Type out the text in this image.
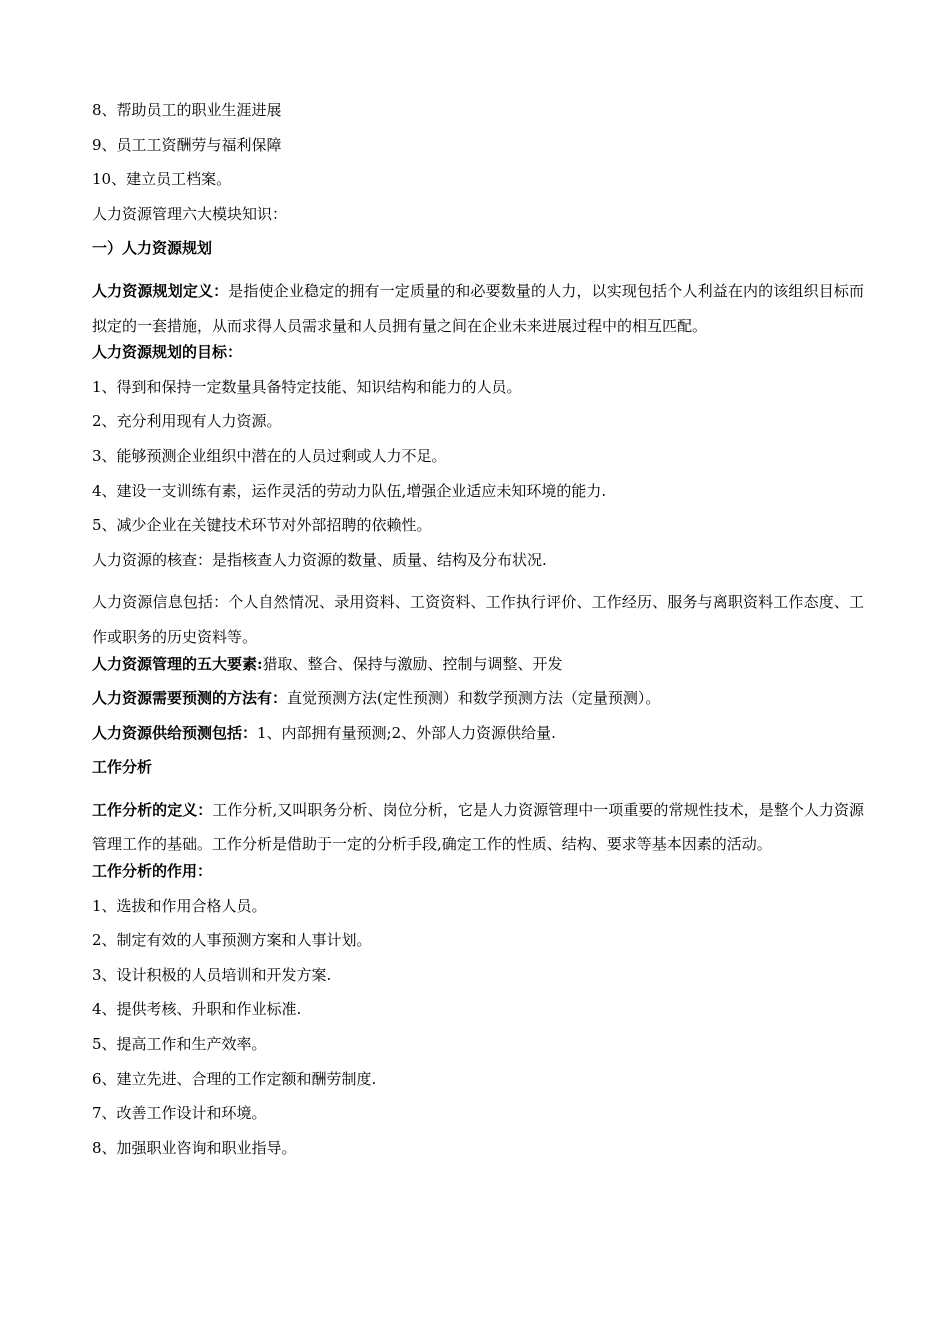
8、帮助员工的职业生涯进展
9、员工工资酬劳与福利保障
10、建立员工档案。
人力资源管理六大模块知识：
一）人力资源规划

人力资源规划定义：是指使企业稳定的拥有一定质量的和必要数量的人力，以实现包括个人利益在内的该组织目标而拟定的一套措施，从而求得人员需求量和人员拥有量之间在企业未来进展过程中的相互匹配。

人力资源规划的目标：
1、得到和保持一定数量具备特定技能、知识结构和能力的人员。
2、充分利用现有人力资源。
3、能够预测企业组织中潜在的人员过剩或人力不足。
4、建设一支训练有素，运作灵活的劳动力队伍,增强企业适应未知环境的能力.
5、减少企业在关键技术环节对外部招聘的依赖性。
人力资源的核查：是指核查人力资源的数量、质量、结构及分布状况.

人力资源信息包括：个人自然情况、录用资料、工资资料、工作执行评价、工作经历、服务与离职资料工作态度、工作或职务的历史资料等。

人力资源管理的五大要素:猎取、整合、保持与激励、控制与调整、开发
人力资源需要预测的方法有：直觉预测方法(定性预测）和数学预测方法（定量预测）。
人力资源供给预测包括：1、内部拥有量预测;2、外部人力资源供给量.
工作分析

工作分析的定义：工作分析,又叫职务分析、岗位分析，它是人力资源管理中一项重要的常规性技术，是整个人力资源管理工作的基础。工作分析是借助于一定的分析手段,确定工作的性质、结构、要求等基本因素的活动。

工作分析的作用：
1、选拔和作用合格人员。
2、制定有效的人事预测方案和人事计划。
3、设计积极的人员培训和开发方案.
4、提供考核、升职和作业标准.
5、提高工作和生产效率。
6、建立先进、合理的工作定额和酬劳制度.
7、改善工作设计和环境。
8、加强职业咨询和职业指导。
